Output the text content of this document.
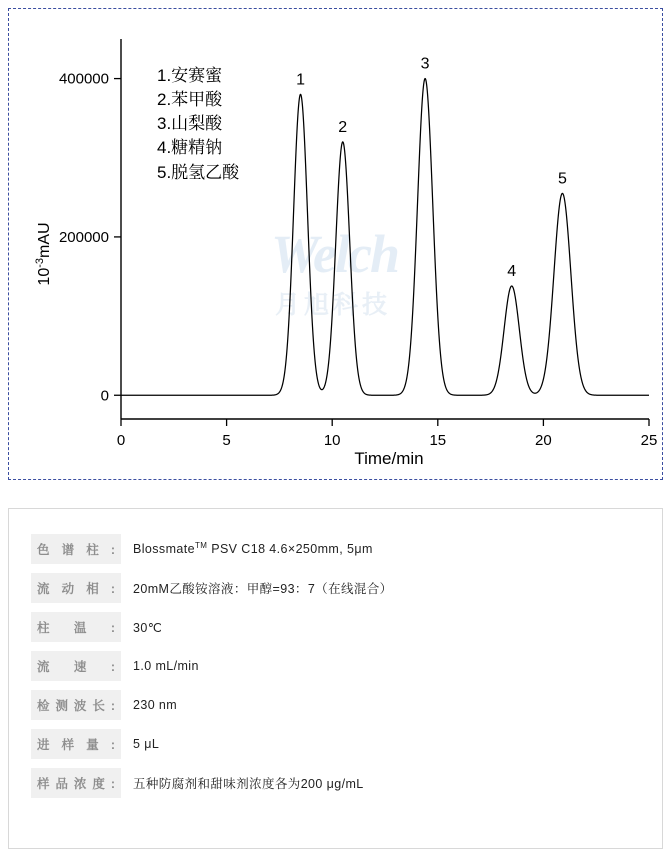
Welch
月旭科技
1.安赛蜜
2.苯甲酸
3.山梨酸
4.糖精钠
5.脱氢乙酸
0
200000
400000
0	5	10	15	20	25
1
2
3
4
5
$10^{-3}mAU$
Time/min
色谱柱:	Blossmate™ PSV C18 4.6×250mm, 5μm
流动相:	20mM乙酸铵溶液：甲醇=93：7（在线混合）
柱温:	30℃
流速:	1.0 mL/min
检测波长:	230 nm
进样量:	5 μL
样品浓度:	五种防腐剂和甜味剂浓度各为200 μg/mL
